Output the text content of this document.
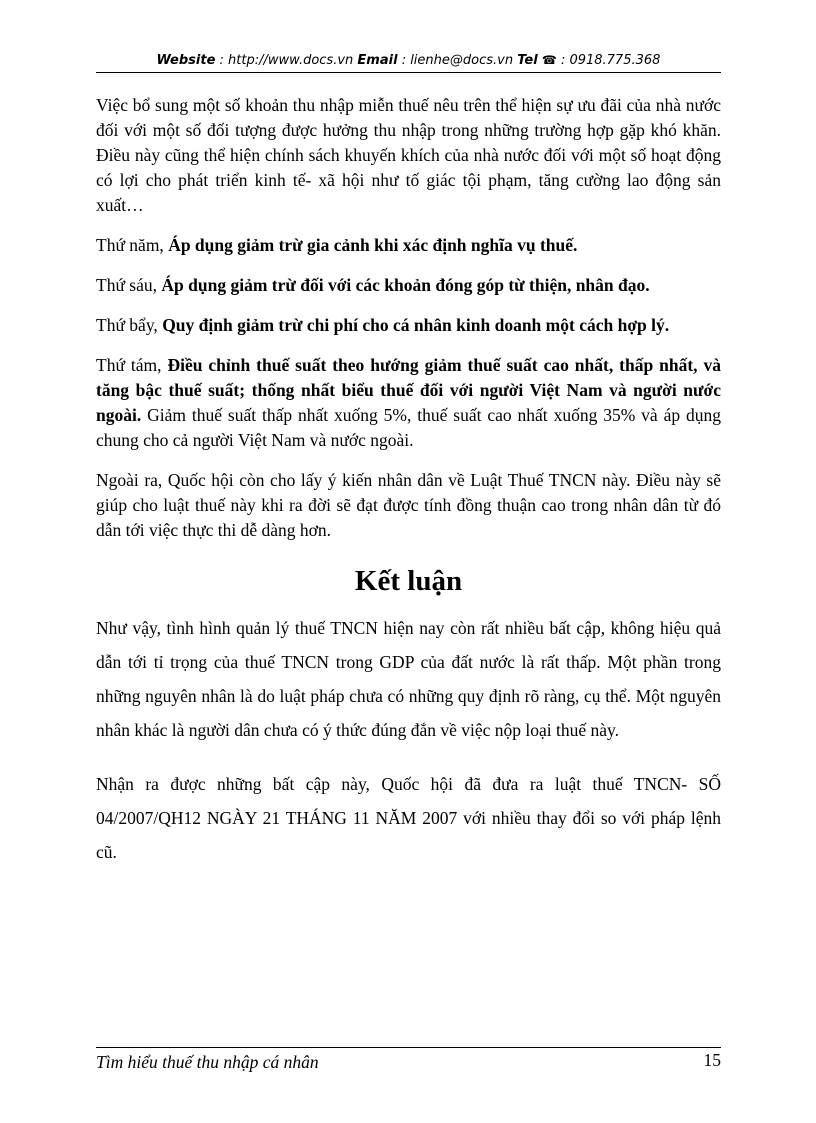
Website : http://www.docs.vn Email : lienhe@docs.vn Tel ☎ : 0918.775.368

Việc bổ sung một số khoản thu nhập miễn thuế nêu trên thể hiện sự ưu đãi của nhà nước đối với một số đối tượng được hưởng thu nhập trong những trường hợp gặp khó khăn. Điều này cũng thể hiện chính sách khuyến khích của nhà nước đối với một số hoạt động có lợi cho phát triển kinh tế- xã hội như tố giác tội phạm, tăng cường lao động sản xuất…

Thứ năm, Áp dụng giảm trừ gia cảnh khi xác định nghĩa vụ thuế.

Thứ sáu, Áp dụng giảm trừ đối với các khoản đóng góp từ thiện, nhân đạo.

Thứ bẩy, Quy định giảm trừ chi phí cho cá nhân kinh doanh một cách hợp lý.

Thứ tám, Điều chỉnh thuế suất theo hướng giảm thuế suất cao nhất, thấp nhất, và tăng bậc thuế suất; thống nhất biểu thuế đối với người Việt Nam và người nước ngoài. Giảm thuế suất thấp nhất xuống 5%, thuế suất cao nhất xuống 35% và áp dụng chung cho cả người Việt Nam và nước ngoài.

Ngoài ra, Quốc hội còn cho lấy ý kiến nhân dân về Luật Thuế TNCN này. Điều này sẽ giúp cho luật thuế này khi ra đời sẽ đạt được tính đồng thuận cao trong nhân dân từ đó dẫn tới việc thực thi dễ dàng hơn.

Kết luận

Như vậy, tình hình quản lý thuế TNCN hiện nay còn rất nhiều bất cập, không hiệu quả dẫn tới tỉ trọng của thuế TNCN trong GDP của đất nước là rất thấp. Một phần trong những nguyên nhân là do luật pháp chưa có những quy định rõ ràng, cụ thể. Một nguyên nhân khác là người dân chưa có ý thức đúng đắn về việc nộp loại thuế này.

Nhận ra được những bất cập này, Quốc hội đã đưa ra luật thuế TNCN- SỐ 04/2007/QH12 NGÀY 21 THÁNG 11 NĂM 2007 với nhiều thay đổi so với pháp lệnh cũ.

Tìm hiểu thuế thu nhập cá nhân	15
